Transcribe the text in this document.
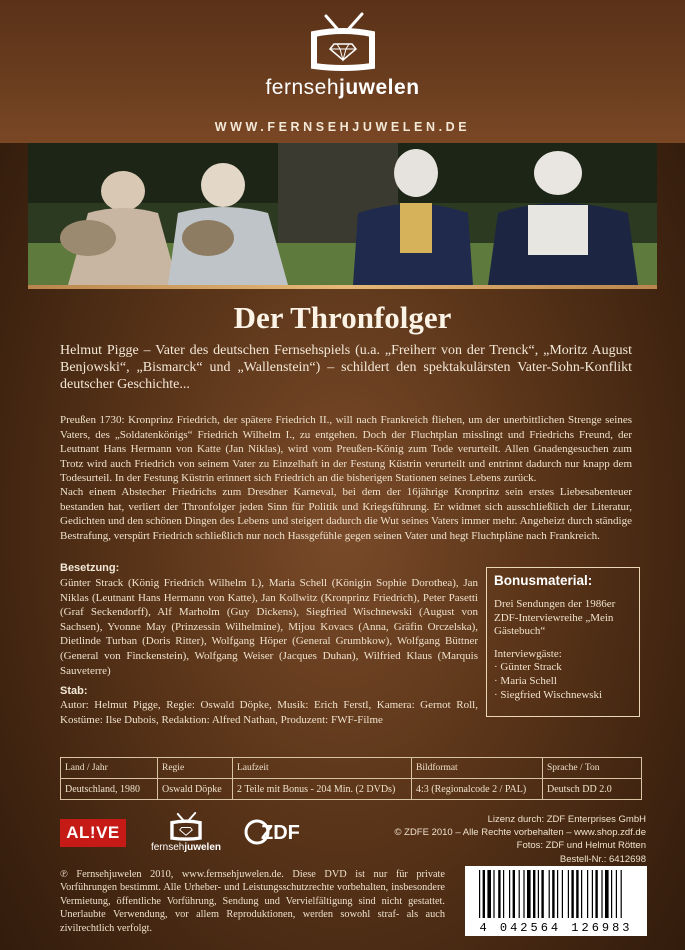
fernsehjuwelen
WWW.FERNSEHJUWELEN.DE
Der Thronfolger
Helmut Pigge – Vater des deutschen Fernsehspiels (u.a. „Freiherr von der Trenck“, „Moritz August Benjowski“, „Bismarck“ und „Wallenstein“) – schildert den spektakulärsten Vater-Sohn-Konflikt deutscher Geschichte...
Preußen 1730: Kronprinz Friedrich, der spätere Friedrich II., will nach Frankreich fliehen, um der unerbittlichen Strenge seines Vaters, des „Soldatenkönigs“ Friedrich Wilhelm I., zu entgehen. Doch der Fluchtplan misslingt und Friedrichs Freund, der Leutnant Hans Hermann von Katte (Jan Niklas), wird vom Preußen-König zum Tode verurteilt. Allen Gnadengesuchen zum Trotz wird auch Friedrich von seinem Vater zu Einzelhaft in der Festung Küstrin verurteilt und entrinnt dadurch nur knapp dem Todesurteil. In der Festung Küstrin erinnert sich Friedrich an die bisherigen Stationen seines Lebens zurück.
Nach einem Abstecher Friedrichs zum Dresdner Karneval, bei dem der 16jährige Kronprinz sein erstes Liebesabenteuer bestanden hat, verliert der Thronfolger jeden Sinn für Politik und Kriegsführung. Er widmet sich ausschließlich der Literatur, Gedichten und den schönen Dingen des Lebens und steigert dadurch die Wut seines Vaters immer mehr. Angeheizt durch ständige Bestrafung, verspürt Friedrich schließlich nur noch Hassgefühle gegen seinen Vater und hegt Fluchtpläne nach Frankreich.
Besetzung:
Günter Strack (König Friedrich Wilhelm I.), Maria Schell (Königin Sophie Dorothea), Jan Niklas (Leutnant Hans Hermann von Katte), Jan Kollwitz (Kronprinz Friedrich), Peter Pasetti (Graf Seckendorff), Alf Marholm (Guy Dickens), Siegfried Wischnewski (August von Sachsen), Yvonne May (Prinzessin Wilhelmine), Mijou Kovacs (Anna, Gräfin Orczelska), Dietlinde Turban (Doris Ritter), Wolfgang Höper (General Grumbkow), Wolfgang Büttner (General von Finckenstein), Wolfgang Weiser (Jacques Duhan), Wilfried Klaus (Marquis Sauveterre)
Stab:
Autor: Helmut Pigge, Regie: Oswald Döpke, Musik: Erich Ferstl, Kamera: Gernot Roll, Kostüme: Ilse Dubois, Redaktion: Alfred Nathan, Produzent: FWF-Filme
Bonusmaterial:
Drei Sendungen der 1986er ZDF-Interviewreihe „Mein Gästebuch“
Interviewgäste:
· Günter Strack
· Maria Schell
· Siegfried Wischnewski
Land / Jahr	Regie	Laufzeit	Bildformat	Sprache / Ton
Deutschland, 1980	Oswald Döpke	2 Teile mit Bonus - 204 Min. (2 DVDs)	4:3 (Regionalcode 2 / PAL)	Deutsch DD 2.0
AL!VE
fernsehjuwelen
ZDF
Lizenz durch: ZDF Enterprises GmbH
© ZDFE 2010 – Alle Rechte vorbehalten – www.shop.zdf.de
Fotos: ZDF und Helmut Rötten
Bestell-Nr.: 6412698
℗ Fernsehjuwelen 2010, www.fernsehjuwelen.de. Diese DVD ist nur für private Vorführungen bestimmt. Alle Urheber- und Leistungsschutzrechte vorbehalten, insbesondere Vermietung, öffentliche Vorführung, Sendung und Vervielfältigung sind nicht gestattet. Unerlaubte Verwendung, vor allem Reproduktionen, werden sowohl straf- als auch zivilrechtlich verfolgt.	4 042564 126983
